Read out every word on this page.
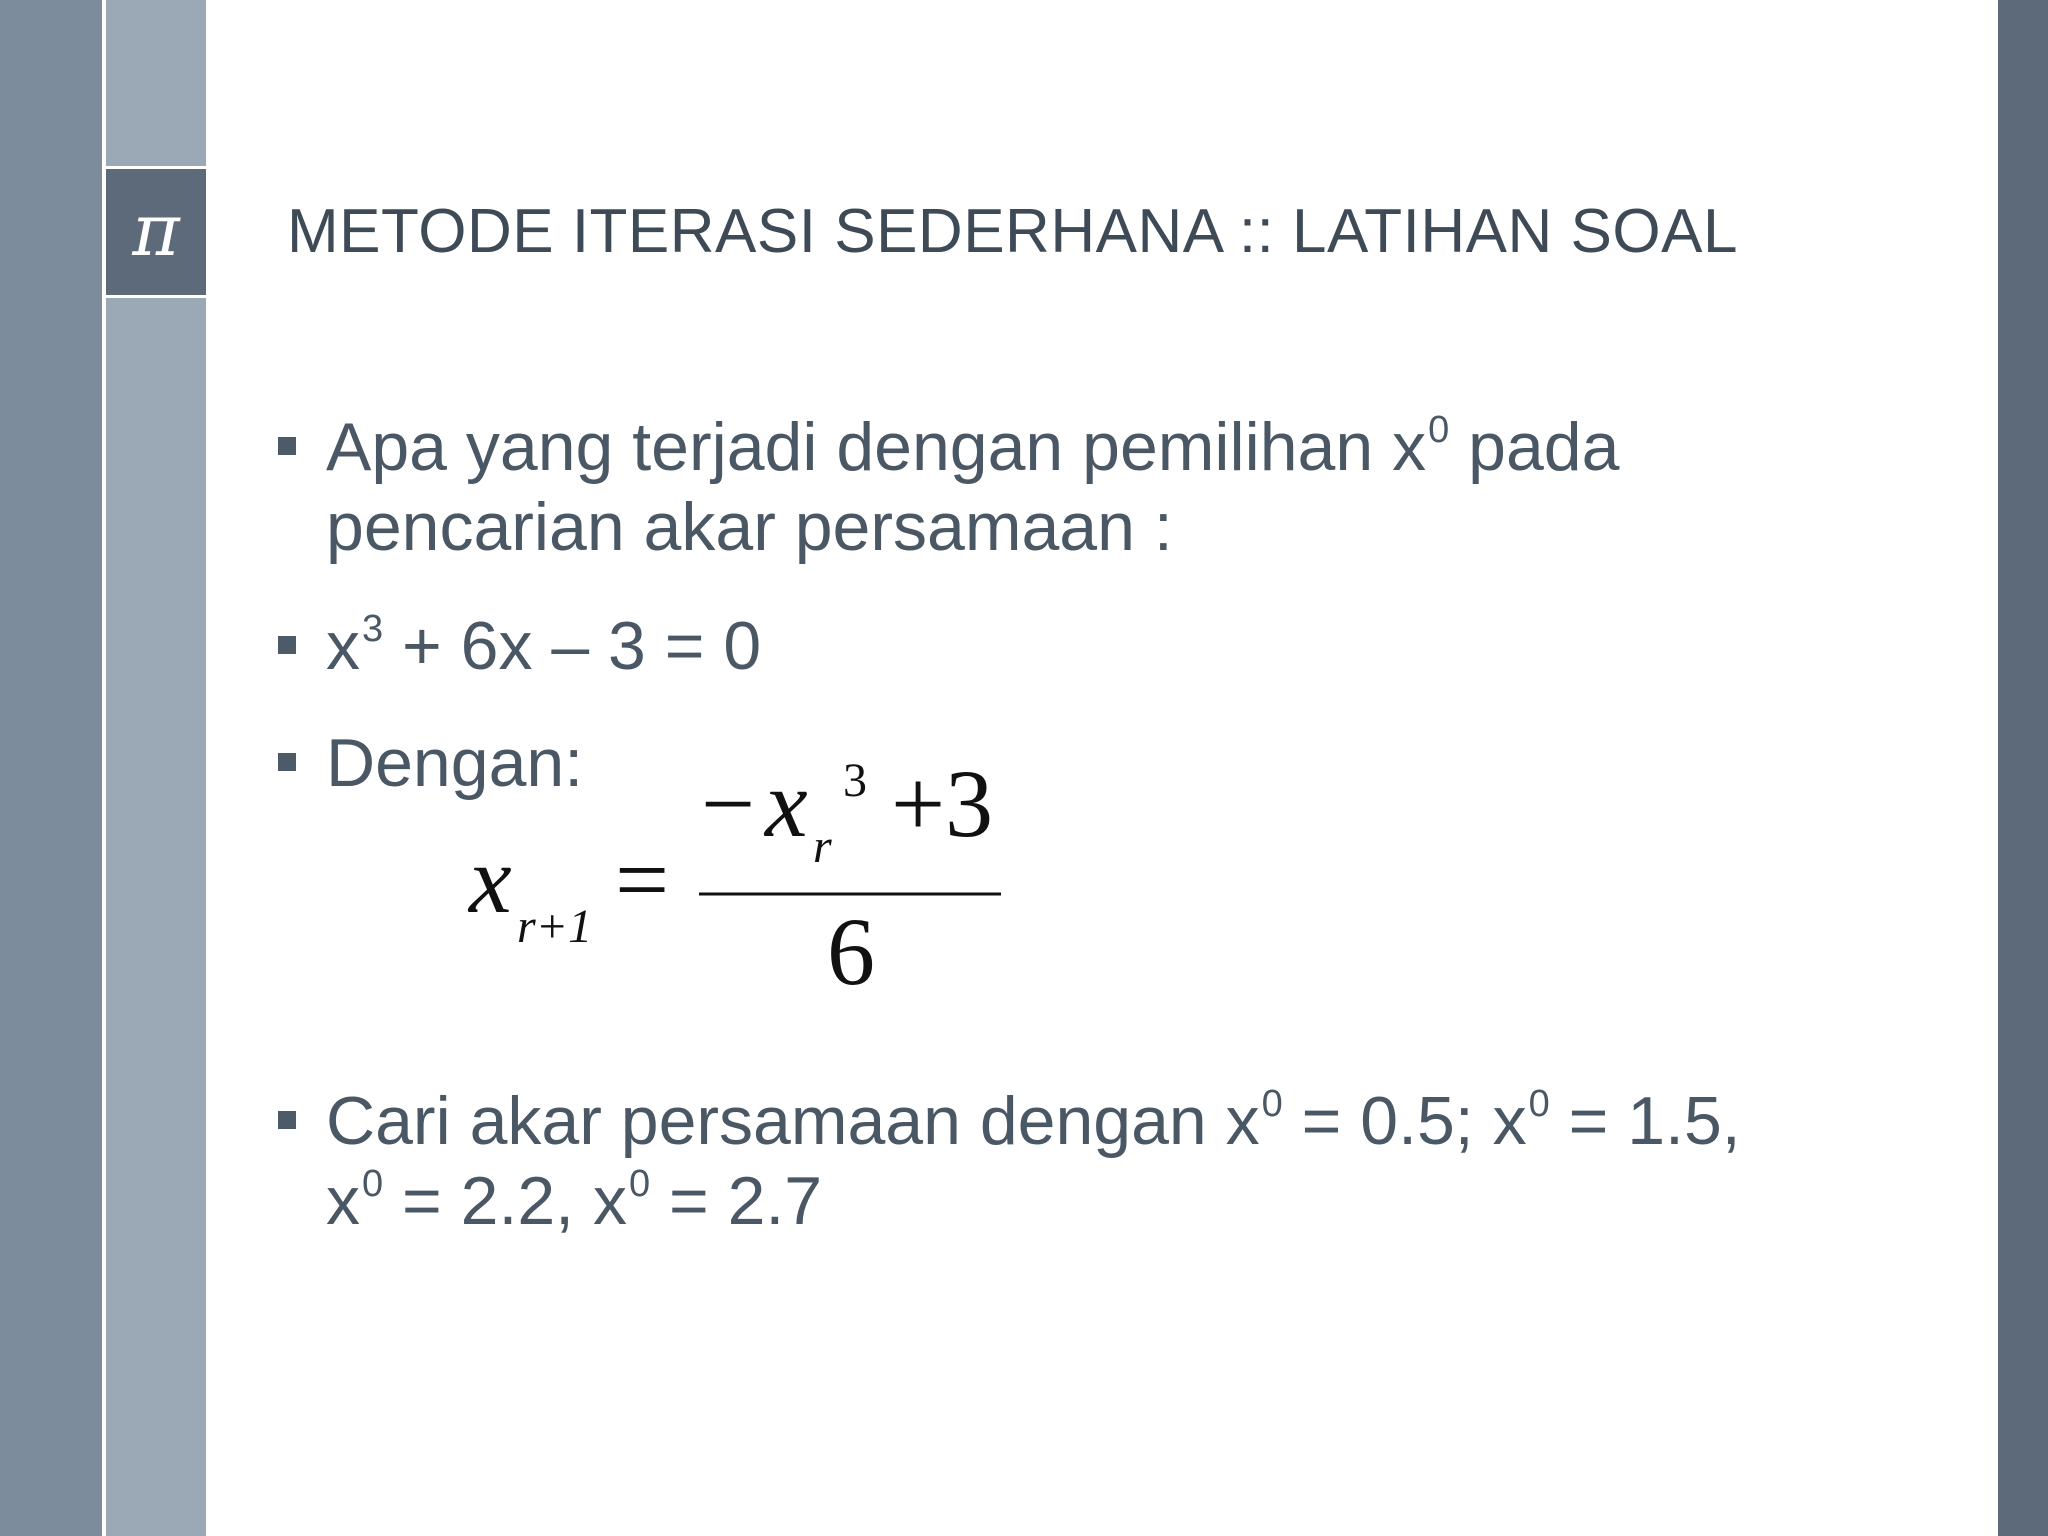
π METODE ITERASI SEDERHANA :: LATIHAN SOAL
Apa yang terjadi dengan pemilihan $x^0$ pada
pencarian akar persamaan :
$x^3 + 6x - 3 = 0$
Dengan:
x r+1 =
− x r
3 +3
6
Cari akar persamaan dengan $x^0 = 0.5$; $x^0 = 1.5$,
$x^0 = 2.2$, $x^0 = 2.7$
